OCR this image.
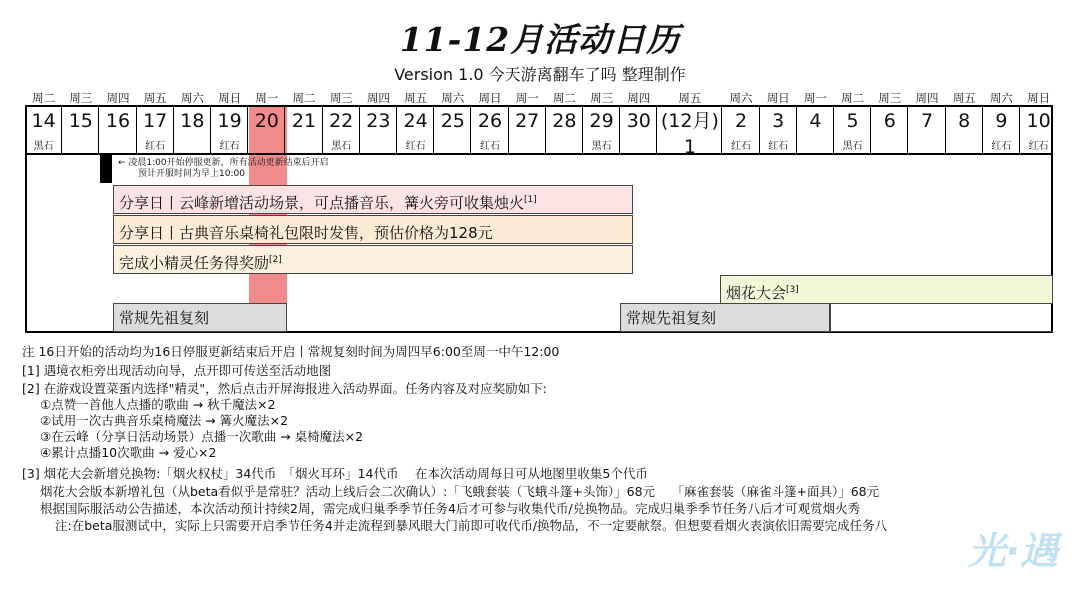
11-12月活动日历
Version 1.0 今天游离翻车了吗 整理制作
周二
14
黑石
周三
15
周四
16
周五
17
红石
周六
18
周日
19
红石
周一
20
周二
21
周三
22
黑石
周四
23
周五
24
红石
周六
25
周日
26
红石
周一
27
周二
28
周三
29
黑石
周四
30
周五
(12月) 1
周六
2
红石
周日
3
红石
周一
4
周二
5
黑石
周三
6
周四
7
周五
8
周六
9
红石
周日
10
红石
← 凌晨1:00开始停服更新，所有活动更新结束后开启
预计开服时间为早上10:00
分享日丨云峰新增活动场景，可点播音乐，篝火旁可收集烛火[1]
分享日丨古典音乐桌椅礼包限时发售，预估价格为128元
完成小精灵任务得奖励[2]
烟花大会[3]
常规先祖复刻	常规先祖复刻
注 16日开始的活动均为16日停服更新结束后开启丨常规复刻时间为周四早6:00至周一中午12:00
[1] 遇境衣柜旁出现活动向导，点开即可传送至活动地图
[2] 在游戏设置菜蛋内选择"精灵"，然后点击开屏海报进入活动界面。任务内容及对应奖励如下:
①点赞一首他人点播的歌曲 → 秋千魔法×2
②试用一次古典音乐桌椅魔法 → 篝火魔法×2
③在云峰（分享日活动场景）点播一次歌曲 → 桌椅魔法×2
④累计点播10次歌曲 → 爱心×2
[3] 烟花大会新增兑换物:「烟火权杖」34代币　「烟火耳环」14代币　 在本次活动周每日可从地图里收集5个代币
烟花大会版本新增礼包（从beta看似乎是常驻？活动上线后会二次确认）:「飞蛾套装（飞蛾斗篷+头饰）」68元　 「麻雀套装（麻雀斗篷+面具）」68元
根据国际服活动公告描述，本次活动预计持续2周，需完成归巢季季节任务4后才可参与收集代币/兑换物品。完成归巢季季节任务八后才可观赏烟火秀
注:在beta服测试中，实际上只需要开启季节任务4并走流程到暴风眼大门前即可收代币/换物品，不一定要献祭。但想要看烟火表演依旧需要完成任务八
光·遇
